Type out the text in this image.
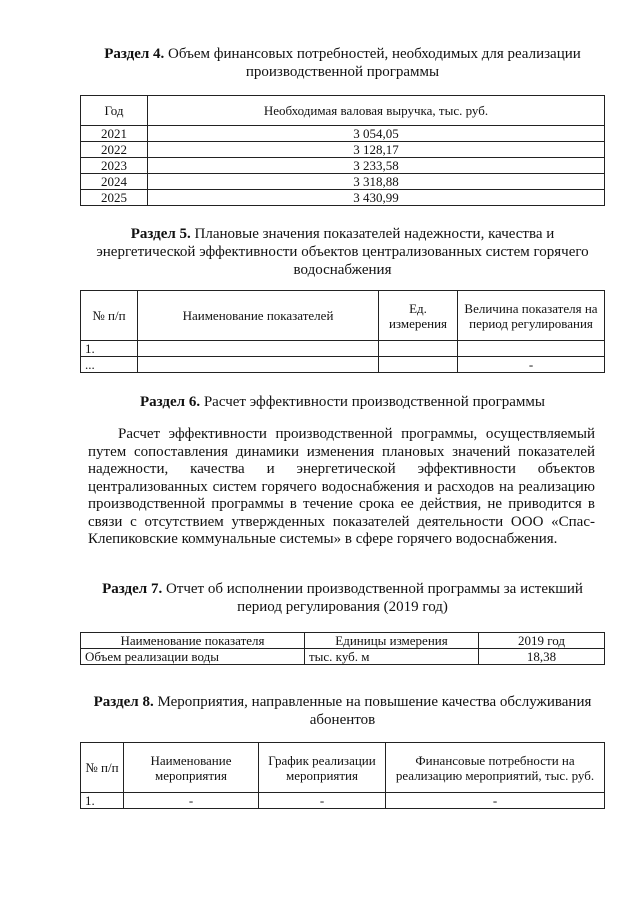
Раздел 4. Объем финансовых потребностей, необходимых для реализации производственной программы
Год	Необходимая валовая выручка, тыс. руб.
2021	3 054,05
2022	3 128,17
2023	3 233,58
2024	3 318,88
2025	3 430,99
Раздел 5. Плановые значения показателей надежности, качества и энергетической эффективности объектов централизованных систем горячего водоснабжения
№ п/п	Наименование показателей	Ед. измерения	Величина показателя на период регулирования
1.			
...			-
Раздел 6. Расчет эффективности производственной программы

Расчет эффективности производственной программы, осуществляемый путем сопоставления динамики изменения плановых значений показателей надежности, качества и энергетической эффективности объектов централизованных систем горячего водоснабжения и расходов на реализацию производственной программы в течение срока ее действия, не приводится в связи с отсутствием утвержденных показателей деятельности ООО «Спас-Клепиковские коммунальные системы» в сфере горячего водоснабжения.

Раздел 7. Отчет об исполнении производственной программы за истекший период регулирования (2019 год)
Наименование показателя	Единицы измерения	2019 год
Объем реализации воды	тыс. куб. м	18,38
Раздел 8. Мероприятия, направленные на повышение качества обслуживания абонентов
№ п/п	Наименование мероприятия	График реализации мероприятия	Финансовые потребности на реализацию мероприятий, тыс. руб.
1.	-	-	-
